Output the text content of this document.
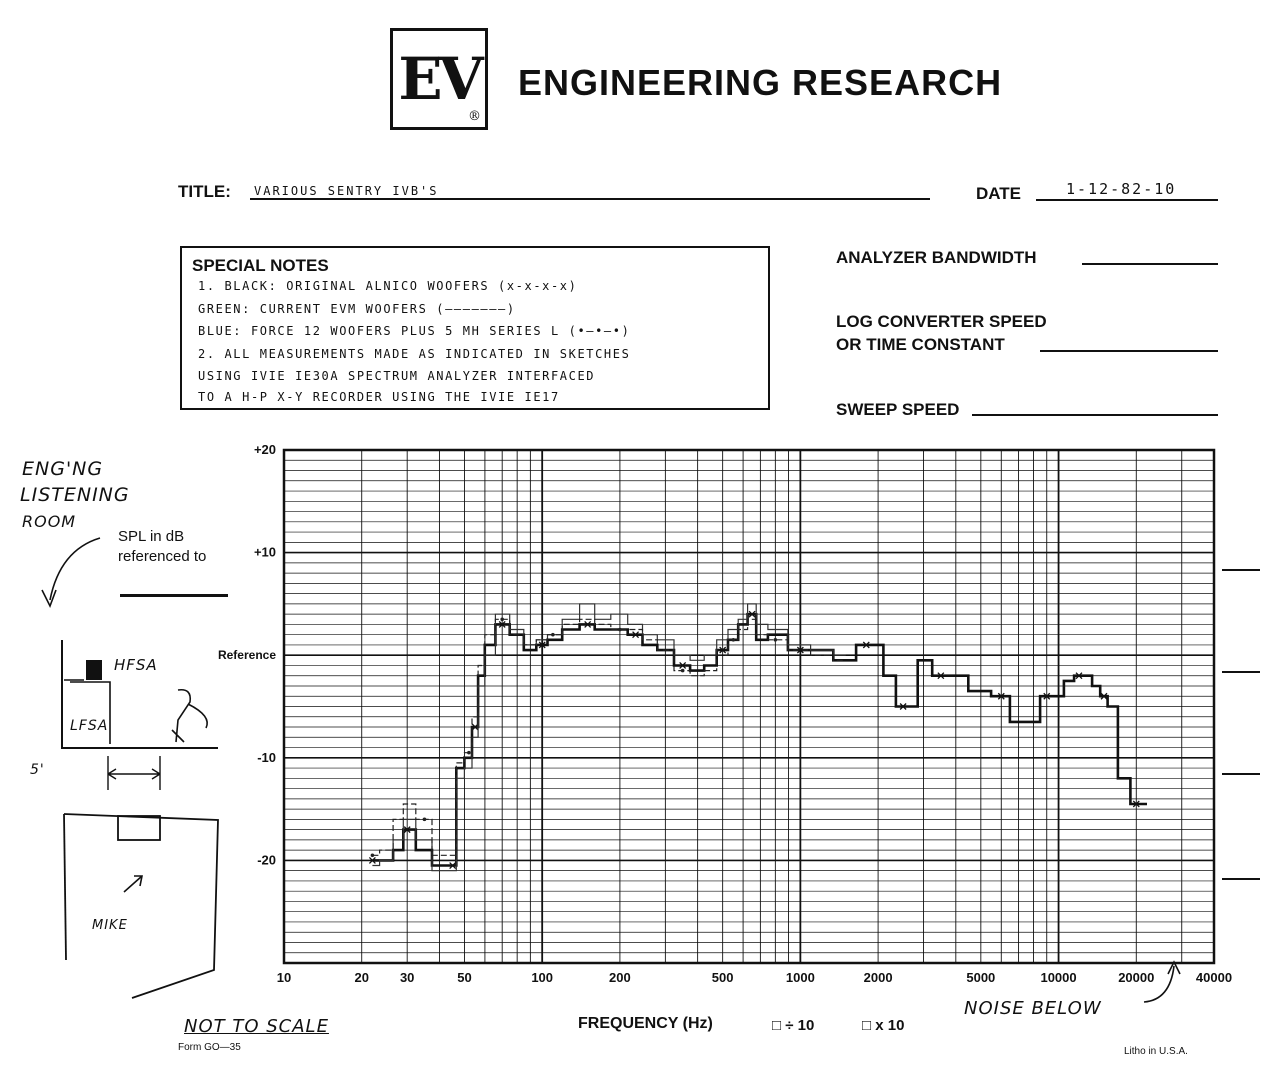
EV
®
ENGINEERING RESEARCH
TITLE: VARIOUS SENTRY IVB'S	DATE	1-12-82-10
ANALYZER BANDWIDTH
LOG CONVERTER SPEED
OR TIME CONSTANT
SWEEP SPEED
SPECIAL NOTES
1. BLACK: ORIGINAL ALNICO WOOFERS (x-x-x-x)
GREEN: CURRENT EVM WOOFERS (———————)
BLUE: FORCE 12 WOOFERS PLUS 5 MH SERIES L (•—•—•)
2. ALL MEASUREMENTS MADE AS INDICATED IN SKETCHES
USING IVIE IE30A SPECTRUM ANALYZER INTERFACED
TO A H-P X-Y RECORDER USING THE IVIE IE17
ENG'NG
LISTENING
ROOM
SPL in dB
referenced to
HFSA
LFSA
5'
MIKE
NOT TO SCALE
Form GO—35	Litho in U.S.A.
NOISE BELOW
+20
+10
Reference
-10
-20
10	20 30	50	100	200	500	1000	2000	5000	10000	20000	40000
FREQUENCY (Hz)	□ ÷ 10	□ x 10
